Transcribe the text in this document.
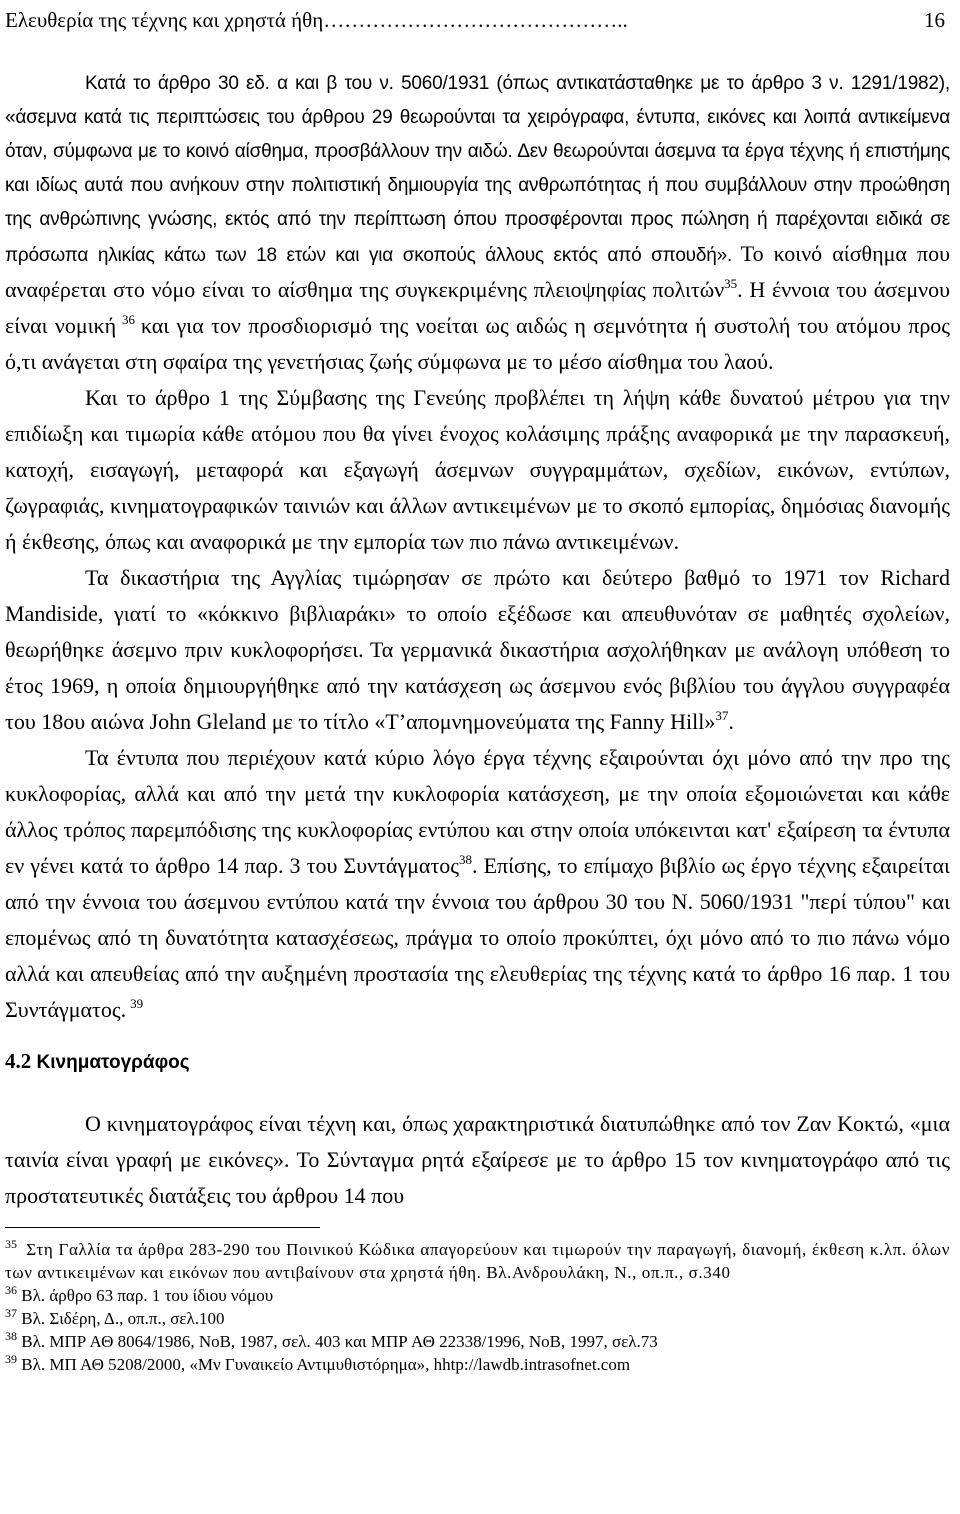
Ελευθερία της τέχνης και χρηστά ήθη……………………………………..	16

Κατά το άρθρο 30 εδ. α και β του ν. 5060/1931 (όπως αντικατάσταθηκε με το άρθρο 3 ν. 1291/1982), «άσεμνα κατά τις περιπτώσεις του άρθρου 29 θεωρούνται τα χειρόγραφα, έντυπα, εικόνες και λοιπά αντικείμενα όταν, σύμφωνα με το κοινό αίσθημα, προσβάλλουν την αιδώ. Δεν θεωρούνται άσεμνα τα έργα τέχνης ή επιστήμης και ιδίως αυτά που ανήκουν στην πολιτιστική δημιουργία της ανθρωπότητας ή που συμβάλλουν στην προώθηση της ανθρώπινης γνώσης, εκτός από την περίπτωση όπου προσφέρονται προς πώληση ή παρέχονται ειδικά σε πρόσωπα ηλικίας κάτω των 18 ετών και για σκοπούς άλλους εκτός από σπουδή». Το κοινό αίσθημα που αναφέρεται στο νόμο είναι το αίσθημα της συγκεκριμένης πλειοψηφίας πολιτών$^{35}$. Η έννοια του άσεμνου είναι νομική $^{36}$ και για τον προσδιορισμό της νοείται ως αιδώς η σεμνότητα ή συστολή του ατόμου προς ό,τι ανάγεται στη σφαίρα της γενετήσιας ζωής σύμφωνα με το μέσο αίσθημα του λαού.

Και το άρθρο 1 της Σύμβασης της Γενεύης προβλέπει τη λήψη κάθε δυνατού μέτρου για την επιδίωξη και τιμωρία κάθε ατόμου που θα γίνει ένοχος κολάσιμης πράξης αναφορικά με την παρασκευή, κατοχή, εισαγωγή, μεταφορά και εξαγωγή άσεμνων συγγραμμάτων, σχεδίων, εικόνων, εντύπων, ζωγραφιάς, κινηματογραφικών ταινιών και άλλων αντικειμένων με το σκοπό εμπορίας, δημόσιας διανομής ή έκθεσης, όπως και αναφορικά με την εμπορία των πιο πάνω αντικειμένων.

Τα δικαστήρια της Αγγλίας τιμώρησαν σε πρώτο και δεύτερο βαθμό το 1971 τον Richard Mandiside, γιατί το «κόκκινο βιβλιαράκι» το οποίο εξέδωσε και απευθυνόταν σε μαθητές σχολείων, θεωρήθηκε άσεμνο πριν κυκλοφορήσει. Τα γερμανικά δικαστήρια ασχολήθηκαν με ανάλογη υπόθεση το έτος 1969, η οποία δημιουργήθηκε από την κατάσχεση ως άσεμνου ενός βιβλίου του άγγλου συγγραφέα του 18ου αιώνα John Gleland με το τίτλο «Τ’απομνημονεύματα της Fanny Hill»$^{37}$.

Τα έντυπα που περιέχουν κατά κύριο λόγο έργα τέχνης εξαιρούνται όχι μόνο από την προ της κυκλοφορίας, αλλά και από την μετά την κυκλοφορία κατάσχεση, με την οποία εξομοιώνεται και κάθε άλλος τρόπος παρεμπόδισης της κυκλοφορίας εντύπου και στην οποία υπόκεινται κατ' εξαίρεση τα έντυπα εν γένει κατά το άρθρο 14 παρ. 3 του Συντάγματος$^{38}$. Επίσης, το επίμαχο βιβλίο ως έργο τέχνης εξαιρείται από την έννοια του άσεμνου εντύπου κατά την έννοια του άρθρου 30 του Ν. 5060/1931 "περί τύπου" και επομένως από τη δυνατότητα κατασχέσεως, πράγμα το οποίο προκύπτει, όχι μόνο από το πιο πάνω νόμο αλλά και απευθείας από την αυξημένη προστασία της ελευθερίας της τέχνης κατά το άρθρο 16 παρ. 1 του Συντάγματος. $^{39}$

4.2 Κινηματογράφος

Ο κινηματογράφος είναι τέχνη και, όπως χαρακτηριστικά διατυπώθηκε από τον Ζαν Κοκτώ, «μια ταινία είναι γραφή με εικόνες». Το Σύνταγμα ρητά εξαίρεσε με το άρθρο 15 τον κινηματογράφο από τις προστατευτικές διατάξεις του άρθρου 14 που

$^{35}$ Στη Γαλλία τα άρθρα 283-290 του Ποινικού Κώδικα απαγορεύουν και τιμωρούν την παραγωγή, διανομή, έκθεση κ.λπ. όλων των αντικειμένων και εικόνων που αντιβαίνουν στα χρηστά ήθη. Βλ.Ανδρουλάκη, Ν., οπ.π., σ.340

$^{36}$ Βλ. άρθρο 63 παρ. 1 του ίδιου νόμου

$^{37}$ Βλ. Σιδέρη, Δ., οπ.π., σελ.100

$^{38}$ Βλ. ΜΠΡ ΑΘ 8064/1986, ΝοΒ, 1987, σελ. 403 και ΜΠΡ ΑΘ 22338/1996, ΝοΒ, 1997, σελ.73

$^{39}$ Βλ. ΜΠ ΑΘ 5208/2000, «Μν Γυναικείο Αντιμυθιστόρημα», hhtp://lawdb.intrasofnet.com
